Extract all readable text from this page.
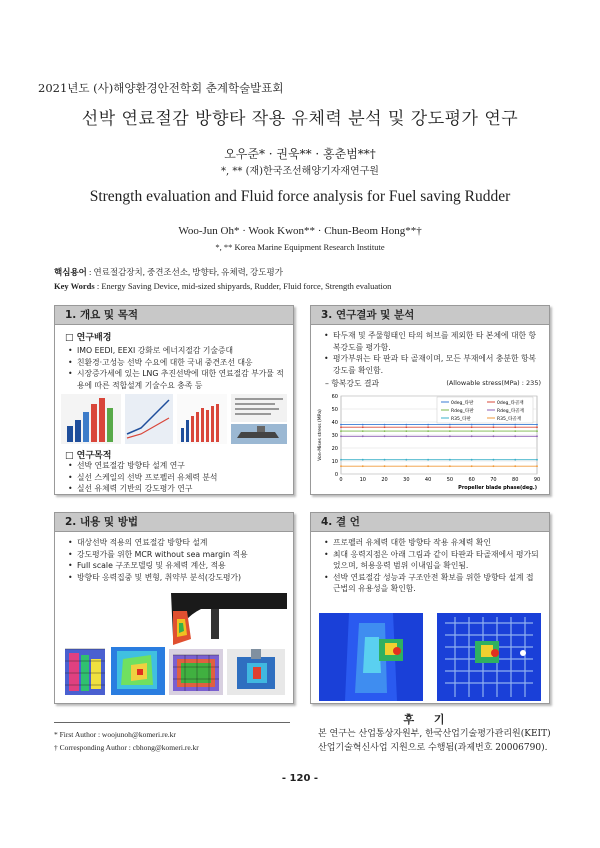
2021년도 (사)해양환경안전학회 춘계학술발표회
선박 연료절감 방향타 작용 유체력 분석 및 강도평가 연구
오우준* · 권욱** · 홍춘범**†
*, ** (재)한국조선해양기자재연구원
Strength evaluation and Fluid force analysis for Fuel saving Rudder
Woo-Jun Oh* · Wook Kwon** · Chun-Beom Hong**†
*, ** Korea Marine Equipment Research Institute
핵심용어 : 연료절감장치, 중견조선소, 방향타, 유체력, 강도평가
Key Words : Energy Saving Device, mid-sized shipyards, Rudder, Fluid force, Strength evaluation
1. 개요 및 목적
□ 연구배경
• IMO EEDI, EEXI 강화로 에너지절감 기술증대
• 친환경·고성능 선박 수요에 대한 국내 중견조선 대응
• 시장증가세에 있는 LNG 추진선박에 대한 연료절감 부가물 적용에 따른 적합설계 기술수요 충족 등
□ 연구목적
• 선박 연료절감 방향타 설계 연구
• 실선 스케일의 선박 프로펠러 유체력 분석
• 실선 유체력 기반의 강도평가 연구
3. 연구결과 및 분석
• 타두재 및 주물형태인 타의 허브를 제외한 타 본체에 대한 항복강도를 평가함.
• 평가부위는 타 판과 타 골재이며, 모든 부재에서 충분한 항복강도를 확인함.
– 항복강도 결과	(Allowable stress(MPa) : 235)
0
10
20
30
40
50
60
0	10	20	30	40	50	60	70	80	90
0deg_타판	0deg_타골재
Rdeg_타판	Rdeg_타골재
R35_타판	R35_타골재
Propeller blade phase(deg.)
Von-Mises stress (MPa)
2. 내용 및 방법
• 대상선박 적용의 연료절감 방향타 설계
• 강도평가를 위한 MCR without sea margin 적용
• Full scale 구조모델링 및 유체력 계산, 적용
• 방향타 응력집중 및 변형, 취약부 분석(강도평가)
4. 결 언
• 프로펠러 유체력 대한 방향타 작용 유체력 확인
• 최대 응력지점은 아래 그림과 같이 타판과 타골재에서 평가되었으며, 허용응력 범위 이내임을 확인됨.
• 선박 연료절감 성능과 구조안전 확보를 위한 방향타 설계 접근법의 유용성을 확인함.
* First Author : woojunoh@komeri.re.kr
† Corresponding Author : cbhong@komeri.re.kr
후 기
본 연구는 산업통상자원부, 한국산업기술평가관리원(KEIT) 산업기술혁신사업 지원으로 수행됨(과제번호 20006790).
- 120 -
